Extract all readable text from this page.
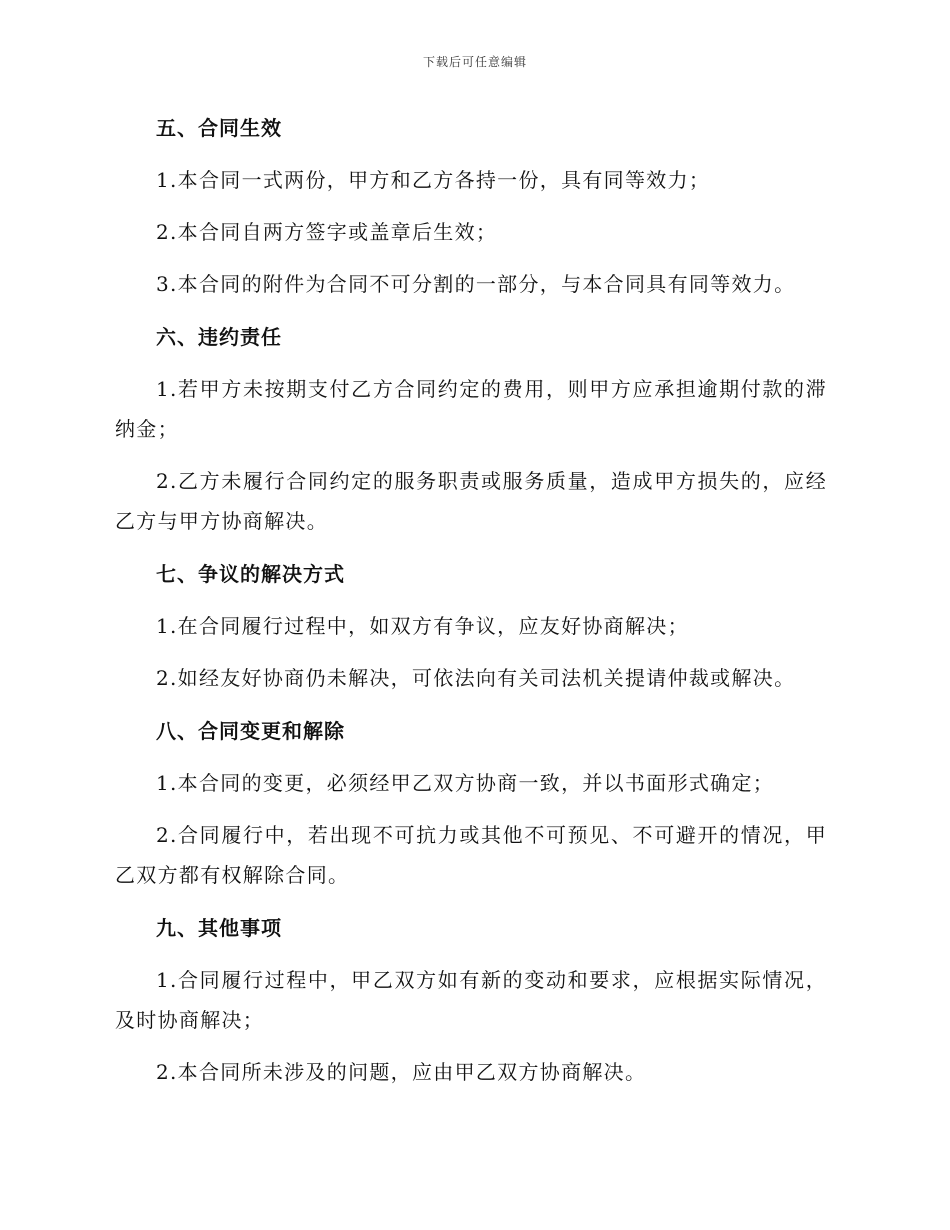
下载后可任意编辑
五、合同生效

1.本合同一式两份，甲方和乙方各持一份，具有同等效力；

2.本合同自两方签字或盖章后生效；

3.本合同的附件为合同不可分割的一部分，与本合同具有同等效力。

六、违约责任

1.若甲方未按期支付乙方合同约定的费用，则甲方应承担逾期付款的滞纳金；

2.乙方未履行合同约定的服务职责或服务质量，造成甲方损失的，应经乙方与甲方协商解决。

七、争议的解决方式

1.在合同履行过程中，如双方有争议，应友好协商解决；

2.如经友好协商仍未解决，可依法向有关司法机关提请仲裁或解决。

八、合同变更和解除

1.本合同的变更，必须经甲乙双方协商一致，并以书面形式确定；

2.合同履行中，若出现不可抗力或其他不可预见、不可避开的情况，甲乙双方都有权解除合同。

九、其他事项

1.合同履行过程中，甲乙双方如有新的变动和要求，应根据实际情况，及时协商解决；

2.本合同所未涉及的问题，应由甲乙双方协商解决。
